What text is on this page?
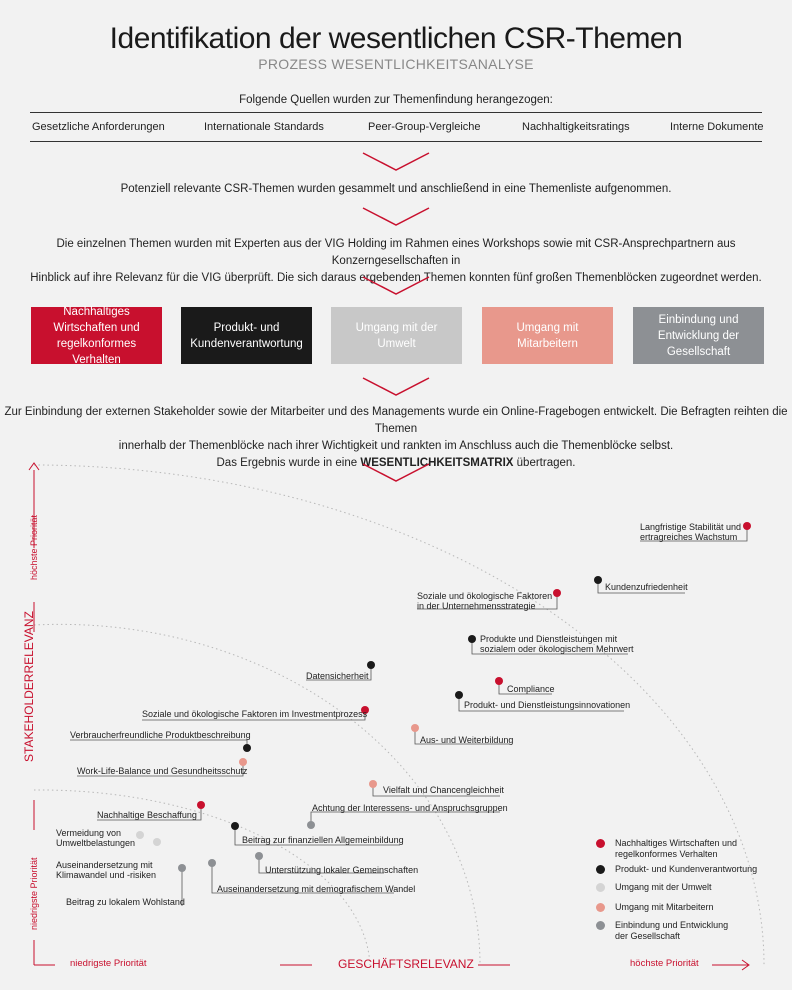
Identifikation der wesentlichen CSR-Themen
PROZESS WESENTLICHKEITSANALYSE
Folgende Quellen wurden zur Themenfindung herangezogen:
Gesetzliche Anforderungen	Internationale Standards	Peer-Group-Vergleiche	Nachhaltigkeitsratings	Interne Dokumente
Potenziell relevante CSR-Themen wurden gesammelt und anschließend in eine Themenliste aufgenommen.
Die einzelnen Themen wurden mit Experten aus der VIG Holding im Rahmen eines Workshops sowie mit CSR-Ansprechpartnern aus Konzerngesellschaften in
Hinblick auf ihre Relevanz für die VIG überprüft. Die sich daraus ergebenden Themen konnten fünf großen Themenblöcken zugeordnet werden.
Nachhaltiges Wirtschaften und regelkonformes Verhalten
Produkt- und Kundenverantwortung
Umgang mit der Umwelt
Umgang mit Mitarbeitern
Einbindung und Entwicklung der Gesellschaft
Zur Einbindung der externen Stakeholder sowie der Mitarbeiter und des Managements wurde ein Online-Fragebogen entwickelt. Die Befragten reihten die Themen
innerhalb der Themenblöcke nach ihrer Wichtigkeit und rankten im Anschluss auch die Themenblöcke selbst.
Das Ergebnis wurde in eine WESENTLICHKEITSMATRIX übertragen.
STAKEHOLDERRELEVANZ
höchste Priorität
niedrigste Priorität
niedrigste Priorität	GESCHÄFTSRELEVANZ	höchste Priorität
Langfristige Stabilität und
ertragreiches Wachstum
Kundenzufriedenheit
Soziale und ökologische Faktoren
in der Unternehmensstrategie
Produkte und Dienstleistungen mit
sozialem oder ökologischem Mehrwert
Datensicherheit
Compliance
Produkt- und Dienstleistungsinnovationen
Soziale und ökologische Faktoren im Investmentprozess
Aus- und Weiterbildung
Verbraucherfreundliche Produktbeschreibung
Work-Life-Balance und Gesundheitsschutz
Vielfalt und Chancengleichheit
Achtung der Interessens- und Anspruchsgruppen
Nachhaltige Beschaffung
Beitrag zur finanziellen Allgemeinbildung
Vermeidung von
Umweltbelastungen
Unterstützung lokaler Gemeinschaften
Auseinandersetzung mit
Klimawandel und -risiken
Auseinandersetzung mit demografischem Wandel
Beitrag zu lokalem Wohlstand
Nachhaltiges Wirtschaften und
regelkonformes Verhalten
Produkt- und Kundenverantwortung
Umgang mit der Umwelt
Umgang mit Mitarbeitern
Einbindung und Entwicklung
der Gesellschaft
